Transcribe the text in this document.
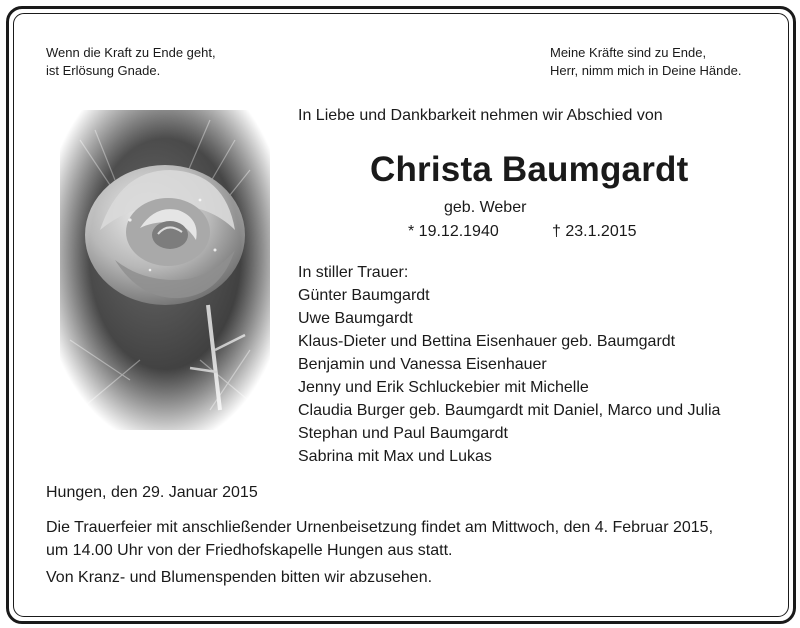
Wenn die Kraft zu Ende geht,
ist Erlösung Gnade.
Meine Kräfte sind zu Ende,
Herr, nimm mich in Deine Hände.
In Liebe und Dankbarkeit nehmen wir Abschied von
Christa Baumgardt
geb. Weber
* 19.12.1940	† 23.1.2015
In stiller Trauer:
Günter Baumgardt
Uwe Baumgardt
Klaus-Dieter und Bettina Eisenhauer geb. Baumgardt
Benjamin und Vanessa Eisenhauer
Jenny und Erik Schluckebier mit Michelle
Claudia Burger geb. Baumgardt mit Daniel, Marco und Julia
Stephan und Paul Baumgardt
Sabrina mit Max und Lukas
Hungen, den 29. Januar 2015
Die Trauerfeier mit anschließender Urnenbeisetzung findet am Mittwoch, den 4. Februar 2015,
um 14.00 Uhr von der Friedhofskapelle Hungen aus statt.
Von Kranz- und Blumenspenden bitten wir abzusehen.
